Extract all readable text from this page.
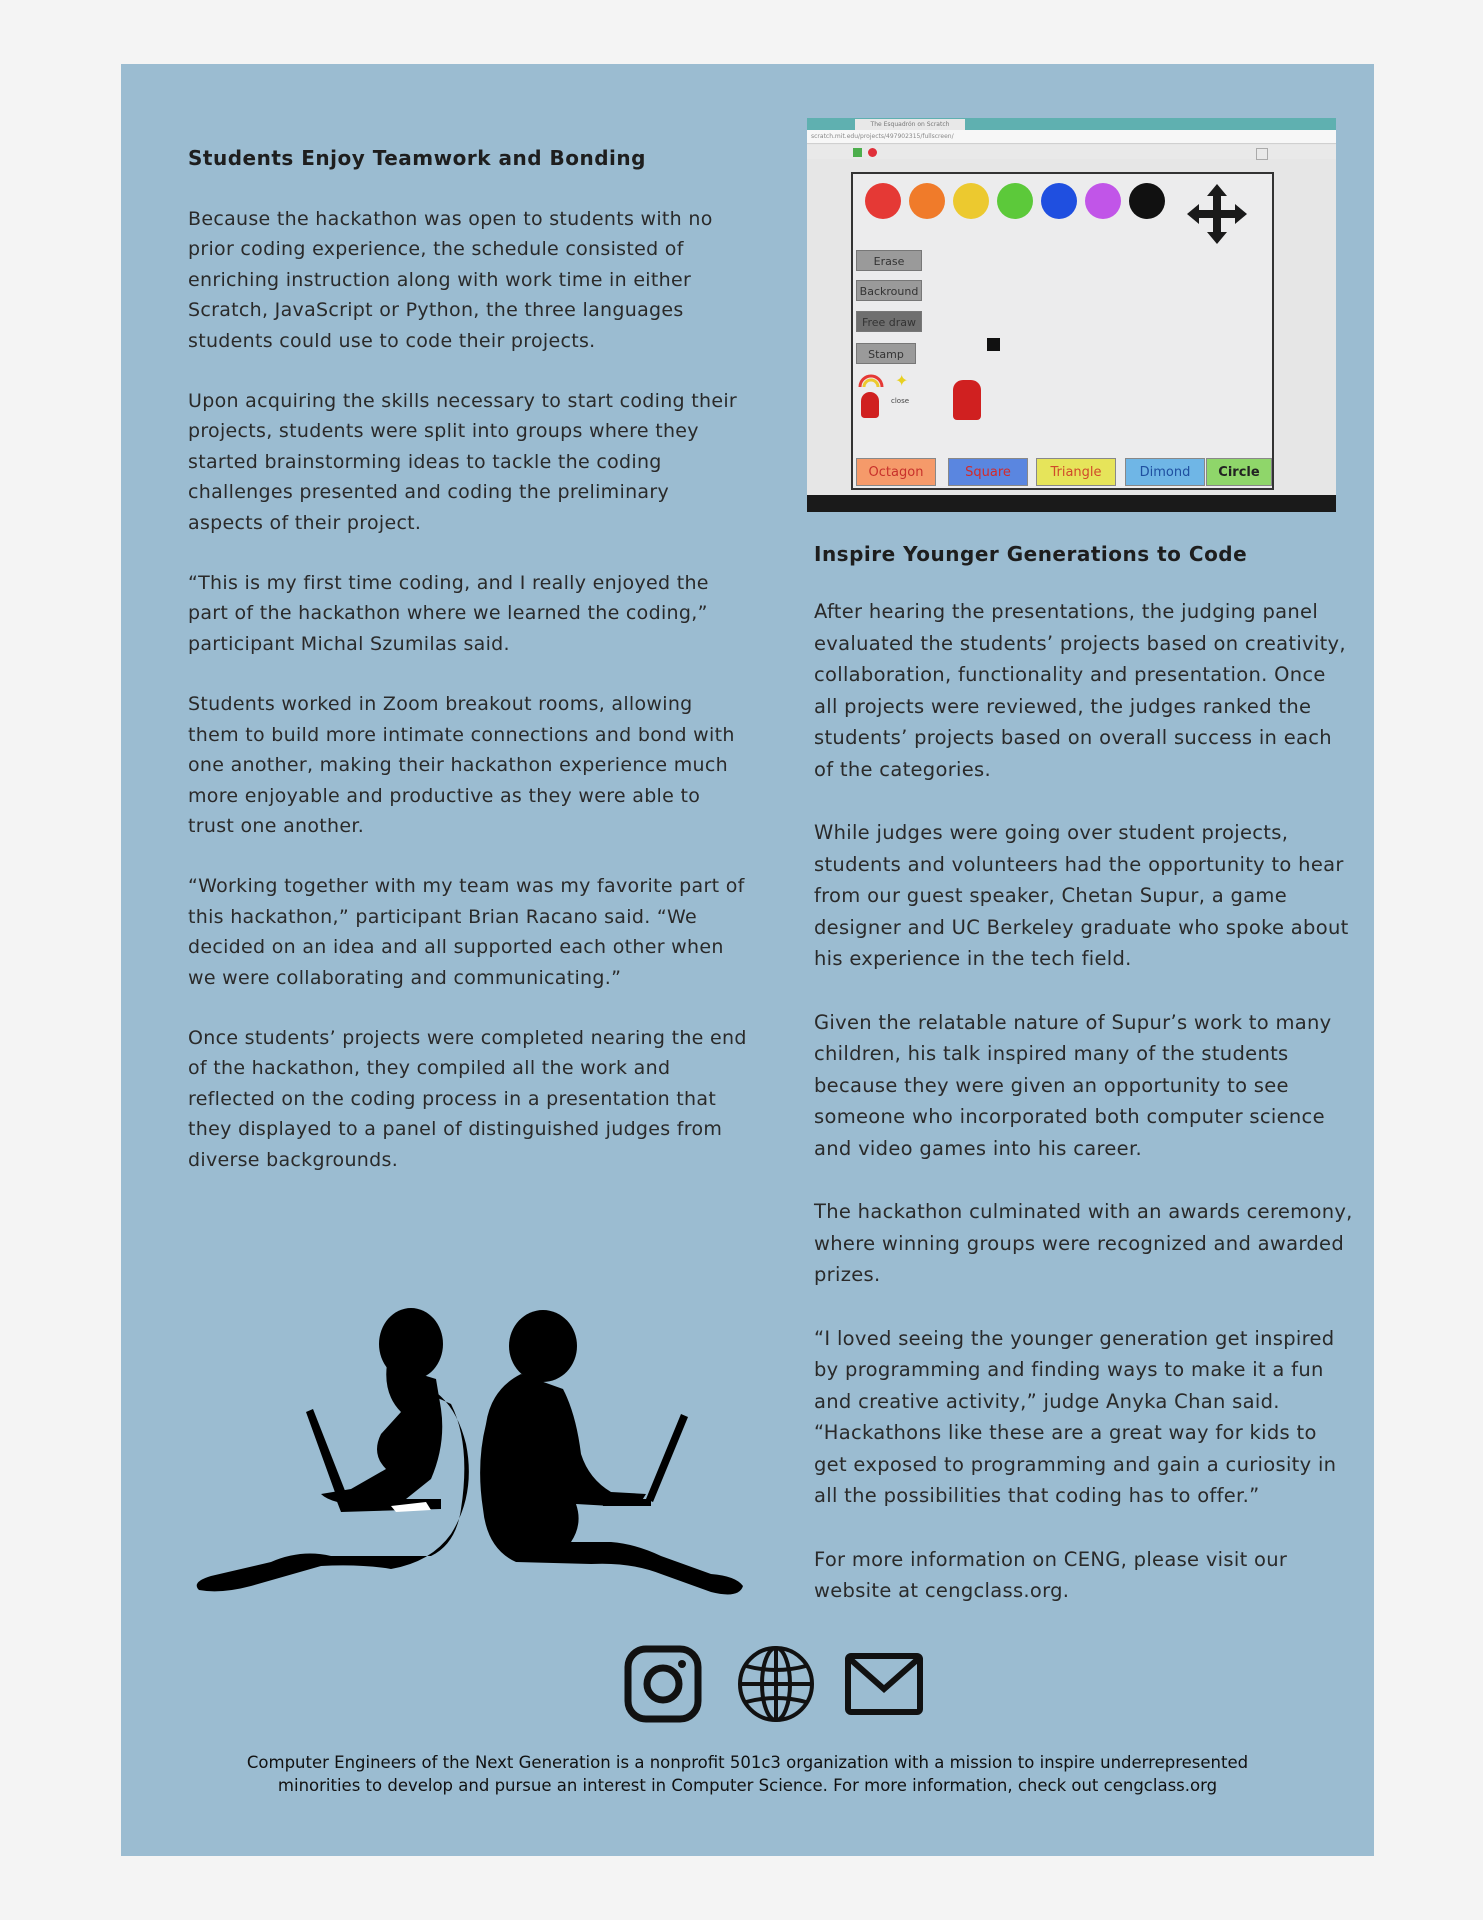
Students Enjoy Teamwork and Bonding

Because the hackathon was open to students with no prior coding experience, the schedule consisted of enriching instruction along with work time in either Scratch, JavaScript or Python, the three languages students could use to code their projects.

Upon acquiring the skills necessary to start coding their projects, students were split into groups where they started brainstorming ideas to tackle the coding challenges presented and coding the preliminary aspects of their project.

“This is my first time coding, and I really enjoyed the part of the hackathon where we learned the coding,” participant Michal Szumilas said.

Students worked in Zoom breakout rooms, allowing them to build more intimate connections and bond with one another, making their hackathon experience much more enjoyable and productive as they were able to trust one another.

“Working together with my team was my favorite part of this hackathon,” participant Brian Racano said. “We decided on an idea and all supported each other when we were collaborating and communicating.”

Once students’ projects were completed nearing the end of the hackathon, they compiled all the work and reflected on the coding process in a presentation that they displayed to a panel of distinguished judges from diverse backgrounds.

The Esquadrón on Scratch
scratch.mit.edu/projects/497902315/fullscreen/
Erase
Backround
Free draw
Stamp
✦
close
Octagon	Square	Triangle	Dimond	Circle
Inspire Younger Generations to Code

After hearing the presentations, the judging panel evaluated the students’ projects based on creativity, collaboration, functionality and presentation. Once all projects were reviewed, the judges ranked the students’ projects based on overall success in each of the categories.

While judges were going over student projects, students and volunteers had the opportunity to hear from our guest speaker, Chetan Supur, a game designer and UC Berkeley graduate who spoke about his experience in the tech field.

Given the relatable nature of Supur’s work to many children, his talk inspired many of the students because they were given an opportunity to see someone who incorporated both computer science and video games into his career.

The hackathon culminated with an awards ceremony, where winning groups were recognized and awarded prizes.

“I loved seeing the younger generation get inspired by programming and finding ways to make it a fun and creative activity,” judge Anyka Chan said. “Hackathons like these are a great way for kids to get exposed to programming and gain a curiosity in all the possibilities that coding has to offer.”

For more information on CENG, please visit our website at cengclass.org.

Computer Engineers of the Next Generation is a nonprofit 501c3 organization with a mission to inspire underrepresented
minorities to develop and pursue an interest in Computer Science. For more information, check out cengclass.org
